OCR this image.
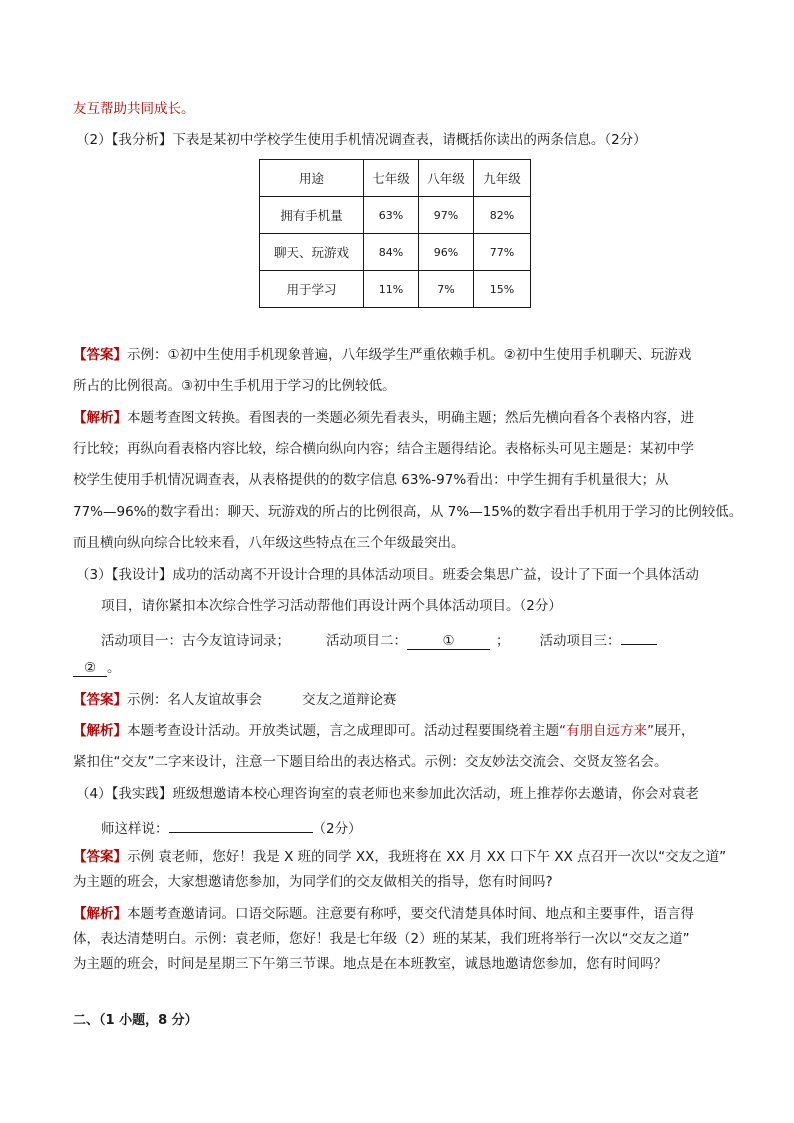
友互帮助共同成长。
（2）【我分析】下表是某初中学校学生使用手机情况调查表，请概括你读出的两条信息。（2分）
用途	七年级	八年级	九年级
拥有手机量	63%	97%	82%
聊天、玩游戏	84%	96%	77%
用于学习	11%	7%	15%
【答案】示例：①初中生使用手机现象普遍，八年级学生严重依赖手机。②初中生使用手机聊天、玩游戏
所占的比例很高。③初中生手机用于学习的比例较低。
【解析】本题考查图文转换。看图表的一类题必须先看表头，明确主题；然后先横向看各个表格内容，进
行比较；再纵向看表格内容比较，综合横向纵向内容；结合主题得结论。表格标头可见主题是：某初中学
校学生使用手机情况调查表，从表格提供的的数字信息 63%-97%看出：中学生拥有手机量很大；从
77%—96%的数字看出：聊天、玩游戏的所占的比例很高，从 7%—15%的数字看出手机用于学习的比例较低。
而且横向纵向综合比较来看，八年级这些特点在三个年级最突出。
（3）【我设计】成功的活动离不开设计合理的具体活动项目。班委会集思广益，设计了下面一个具体活动
项目，请你紧扣本次综合性学习活动帮他们再设计两个具体活动项目。（2分）
活动项目一：古今友谊诗词录；	活动项目二：	①	； 活动项目三：
② 。
【答案】示例：名人友谊故事会	交友之道辩论赛
【解析】本题考查设计活动。开放类试题，言之成理即可。活动过程要围绕着主题“有朋自远方来”展开，
紧扣住“交友”二字来设计，注意一下题目给出的表达格式。示例：交友妙法交流会、交贤友签名会。
（4）【我实践】班级想邀请本校心理咨询室的袁老师也来参加此次活动，班上推荐你去邀请，你会对袁老
师这样说：	（2分）
【答案】示例 袁老师，您好！我是 X 班的同学 XX，我班将在 XX 月 XX 口下午 XX 点召开一次以“交友之道”
为主题的班会，大家想邀请您参加，为同学们的交友做相关的指导，您有时间吗?
【解析】本题考查邀请词。口语交际题。注意要有称呼，要交代清楚具体时间、地点和主要事件，语言得
体，表达清楚明白。示例：袁老师，您好！我是七年级（2）班的某某，我们班将举行一次以“交友之道”
为主题的班会，时间是星期三下午第三节课。地点是在本班教室，诚恳地邀请您参加，您有时间吗？
二、（1 小题，8 分）
